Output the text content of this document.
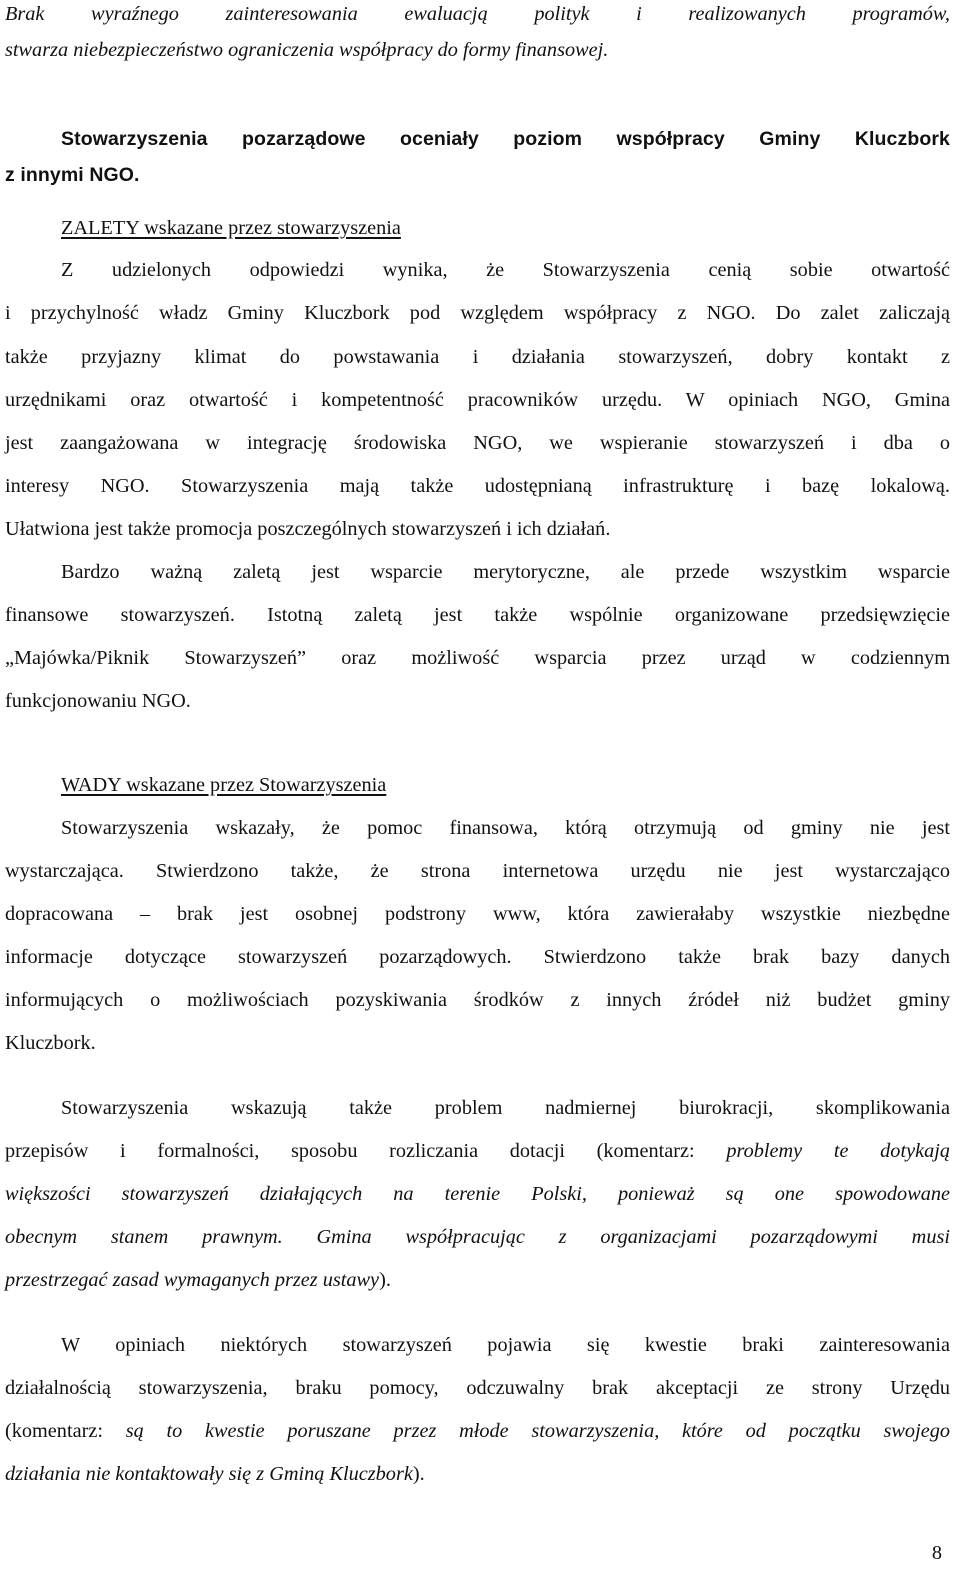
Brak wyraźnego zainteresowania ewaluacją polityk i realizowanych programów,
stwarza niebezpieczeństwo ograniczenia współpracy do formy finansowej.
Stowarzyszenia pozarządowe oceniały poziom współpracy Gminy Kluczbork
z innymi NGO.
ZALETY wskazane przez stowarzyszenia
Z udzielonych odpowiedzi wynika, że Stowarzyszenia cenią sobie otwartość
i przychylność władz Gminy Kluczbork pod względem współpracy z NGO. Do zalet zaliczają
także przyjazny klimat do powstawania i działania stowarzyszeń, dobry kontakt z
urzędnikami oraz otwartość i kompetentność pracowników urzędu. W opiniach NGO, Gmina
jest zaangażowana w integrację środowiska NGO, we wspieranie stowarzyszeń i dba o
interesy NGO. Stowarzyszenia mają także udostępnianą infrastrukturę i bazę lokalową.
Ułatwiona jest także promocja poszczególnych stowarzyszeń i ich działań.
Bardzo ważną zaletą jest wsparcie merytoryczne, ale przede wszystkim wsparcie
finansowe stowarzyszeń. Istotną zaletą jest także wspólnie organizowane przedsięwzięcie
„Majówka/Piknik Stowarzyszeń” oraz możliwość wsparcia przez urząd w codziennym
funkcjonowaniu NGO.
WADY wskazane przez Stowarzyszenia
Stowarzyszenia wskazały, że pomoc finansowa, którą otrzymują od gminy nie jest
wystarczająca. Stwierdzono także, że strona internetowa urzędu nie jest wystarczająco
dopracowana – brak jest osobnej podstrony www, która zawierałaby wszystkie niezbędne
informacje dotyczące stowarzyszeń pozarządowych. Stwierdzono także brak bazy danych
informujących o możliwościach pozyskiwania środków z innych źródeł niż budżet gminy
Kluczbork.
Stowarzyszenia wskazują także problem nadmiernej biurokracji, skomplikowania
przepisów i formalności, sposobu rozliczania dotacji (komentarz: problemy te dotykają
większości stowarzyszeń działających na terenie Polski, ponieważ są one spowodowane
obecnym stanem prawnym. Gmina współpracując z organizacjami pozarządowymi musi
przestrzegać zasad wymaganych przez ustawy).
W opiniach niektórych stowarzyszeń pojawia się kwestie braki zainteresowania
działalnością stowarzyszenia, braku pomocy, odczuwalny brak akceptacji ze strony Urzędu
(komentarz: są to kwestie poruszane przez młode stowarzyszenia, które od początku swojego
działania nie kontaktowały się z Gminą Kluczbork).
8
